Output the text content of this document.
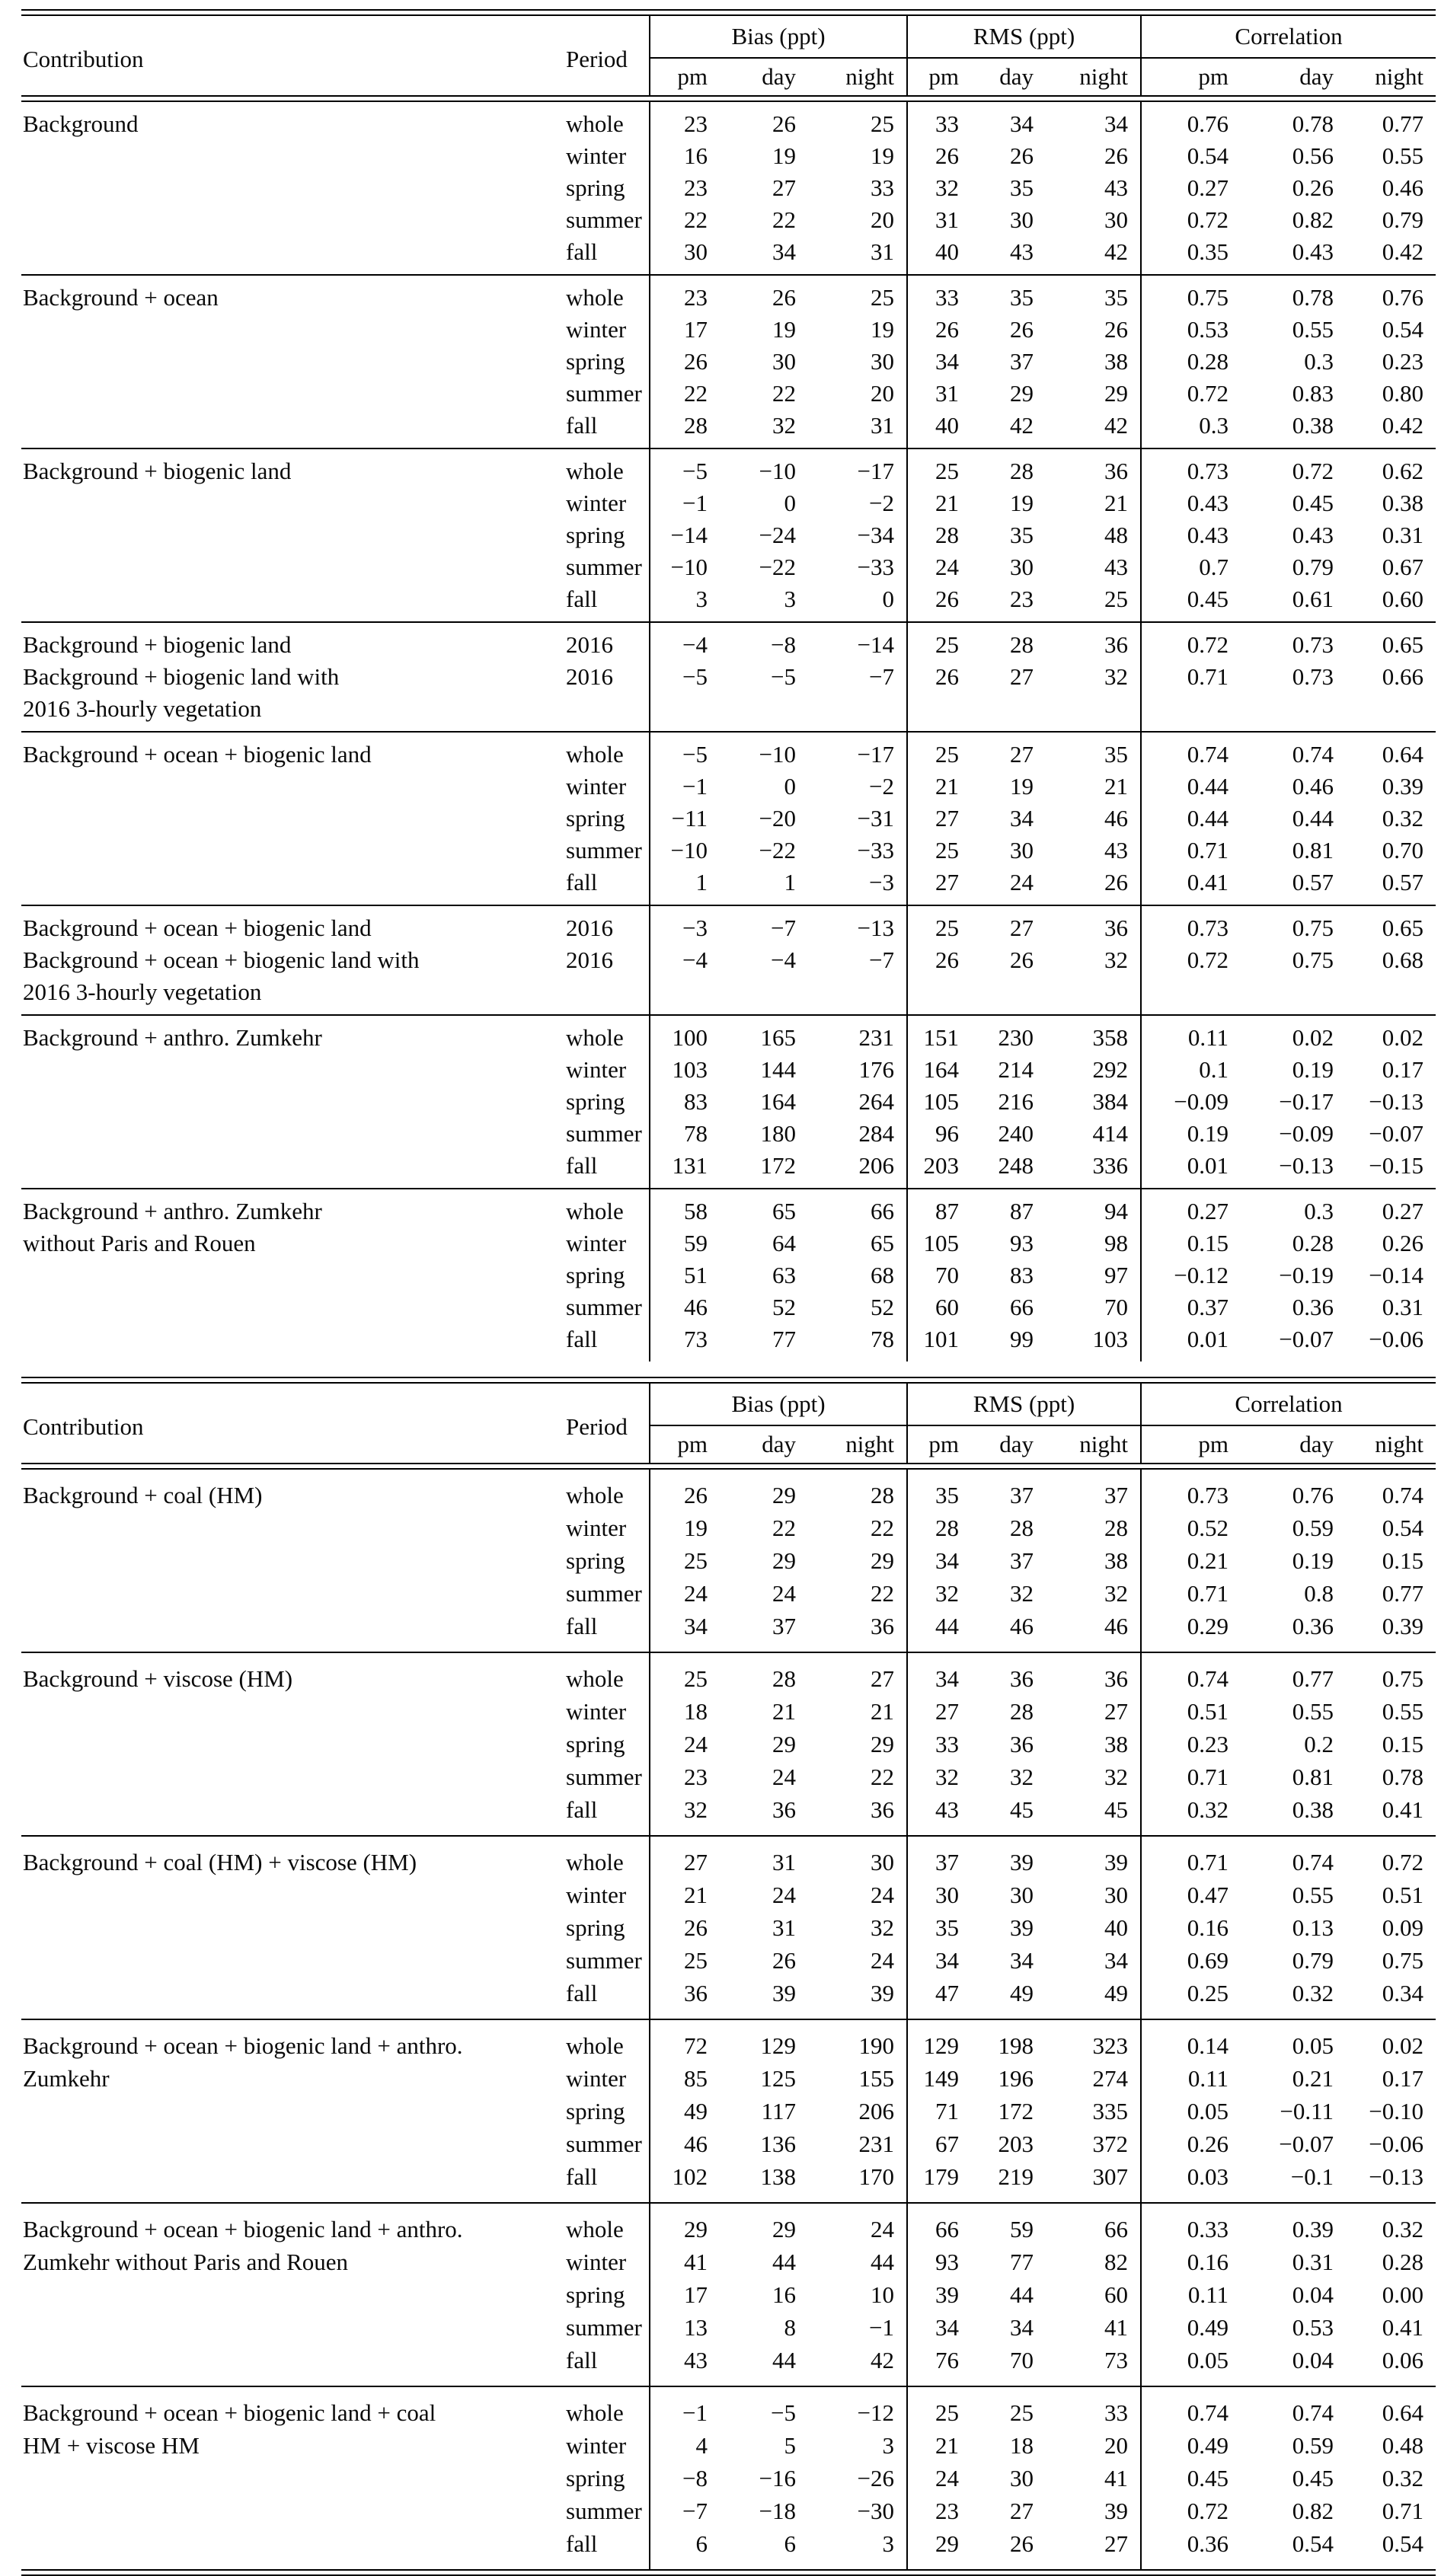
Contribution	Period	Bias (ppt)			RMS (ppt)			Correlation		
		pm	day	night	pm	day	night	pm	day	night

Background	whole	23	26	25	33	34	34	0.76	0.78	0.77
	winter	16	19	19	26	26	26	0.54	0.56	0.55
	spring	23	27	33	32	35	43	0.27	0.26	0.46
	summer	22	22	20	31	30	30	0.72	0.82	0.79
	fall	30	34	31	40	43	42	0.35	0.43	0.42
Background + ocean	whole	23	26	25	33	35	35	0.75	0.78	0.76
	winter	17	19	19	26	26	26	0.53	0.55	0.54
	spring	26	30	30	34	37	38	0.28	0.3	0.23
	summer	22	22	20	31	29	29	0.72	0.83	0.80
	fall	28	32	31	40	42	42	0.3	0.38	0.42
Background + biogenic land	whole	−5	−10	−17	25	28	36	0.73	0.72	0.62
	winter	−1	0	−2	21	19	21	0.43	0.45	0.38
	spring	−14	−24	−34	28	35	48	0.43	0.43	0.31
	summer	−10	−22	−33	24	30	43	0.7	0.79	0.67
	fall	3	3	0	26	23	25	0.45	0.61	0.60
Background + biogenic land	2016	−4	−8	−14	25	28	36	0.72	0.73	0.65
Background + biogenic land with	2016	−5	−5	−7	26	27	32	0.71	0.73	0.66
2016 3-hourly vegetation										
Background + ocean + biogenic land	whole	−5	−10	−17	25	27	35	0.74	0.74	0.64
	winter	−1	0	−2	21	19	21	0.44	0.46	0.39
	spring	−11	−20	−31	27	34	46	0.44	0.44	0.32
	summer	−10	−22	−33	25	30	43	0.71	0.81	0.70
	fall	1	1	−3	27	24	26	0.41	0.57	0.57
Background + ocean + biogenic land	2016	−3	−7	−13	25	27	36	0.73	0.75	0.65
Background + ocean + biogenic land with	2016	−4	−4	−7	26	26	32	0.72	0.75	0.68
2016 3-hourly vegetation										
Background + anthro. Zumkehr	whole	100	165	231	151	230	358	0.11	0.02	0.02
	winter	103	144	176	164	214	292	0.1	0.19	0.17
	spring	83	164	264	105	216	384	−0.09	−0.17	−0.13
	summer	78	180	284	96	240	414	0.19	−0.09	−0.07
	fall	131	172	206	203	248	336	0.01	−0.13	−0.15
Background + anthro. Zumkehr	whole	58	65	66	87	87	94	0.27	0.3	0.27
without Paris and Rouen	winter	59	64	65	105	93	98	0.15	0.28	0.26
	spring	51	63	68	70	83	97	−0.12	−0.19	−0.14
	summer	46	52	52	60	66	70	0.37	0.36	0.31
	fall	73	77	78	101	99	103	0.01	−0.07	−0.06

Contribution	Period	Bias (ppt)			RMS (ppt)			Correlation		
		pm	day	night	pm	day	night	pm	day	night

Background + coal (HM)	whole	26	29	28	35	37	37	0.73	0.76	0.74
	winter	19	22	22	28	28	28	0.52	0.59	0.54
	spring	25	29	29	34	37	38	0.21	0.19	0.15
	summer	24	24	22	32	32	32	0.71	0.8	0.77
	fall	34	37	36	44	46	46	0.29	0.36	0.39
Background + viscose (HM)	whole	25	28	27	34	36	36	0.74	0.77	0.75
	winter	18	21	21	27	28	27	0.51	0.55	0.55
	spring	24	29	29	33	36	38	0.23	0.2	0.15
	summer	23	24	22	32	32	32	0.71	0.81	0.78
	fall	32	36	36	43	45	45	0.32	0.38	0.41
Background + coal (HM) + viscose (HM)	whole	27	31	30	37	39	39	0.71	0.74	0.72
	winter	21	24	24	30	30	30	0.47	0.55	0.51
	spring	26	31	32	35	39	40	0.16	0.13	0.09
	summer	25	26	24	34	34	34	0.69	0.79	0.75
	fall	36	39	39	47	49	49	0.25	0.32	0.34
Background + ocean + biogenic land + anthro.	whole	72	129	190	129	198	323	0.14	0.05	0.02
Zumkehr	winter	85	125	155	149	196	274	0.11	0.21	0.17
	spring	49	117	206	71	172	335	0.05	−0.11	−0.10
	summer	46	136	231	67	203	372	0.26	−0.07	−0.06
	fall	102	138	170	179	219	307	0.03	−0.1	−0.13
Background + ocean + biogenic land + anthro.	whole	29	29	24	66	59	66	0.33	0.39	0.32
Zumkehr without Paris and Rouen	winter	41	44	44	93	77	82	0.16	0.31	0.28
	spring	17	16	10	39	44	60	0.11	0.04	0.00
	summer	13	8	−1	34	34	41	0.49	0.53	0.41
	fall	43	44	42	76	70	73	0.05	0.04	0.06
Background + ocean + biogenic land + coal	whole	−1	−5	−12	25	25	33	0.74	0.74	0.64
HM + viscose HM	winter	4	5	3	21	18	20	0.49	0.59	0.48
	spring	−8	−16	−26	24	30	41	0.45	0.45	0.32
	summer	−7	−18	−30	23	27	39	0.72	0.82	0.71
	fall	6	6	3	29	26	27	0.36	0.54	0.54
